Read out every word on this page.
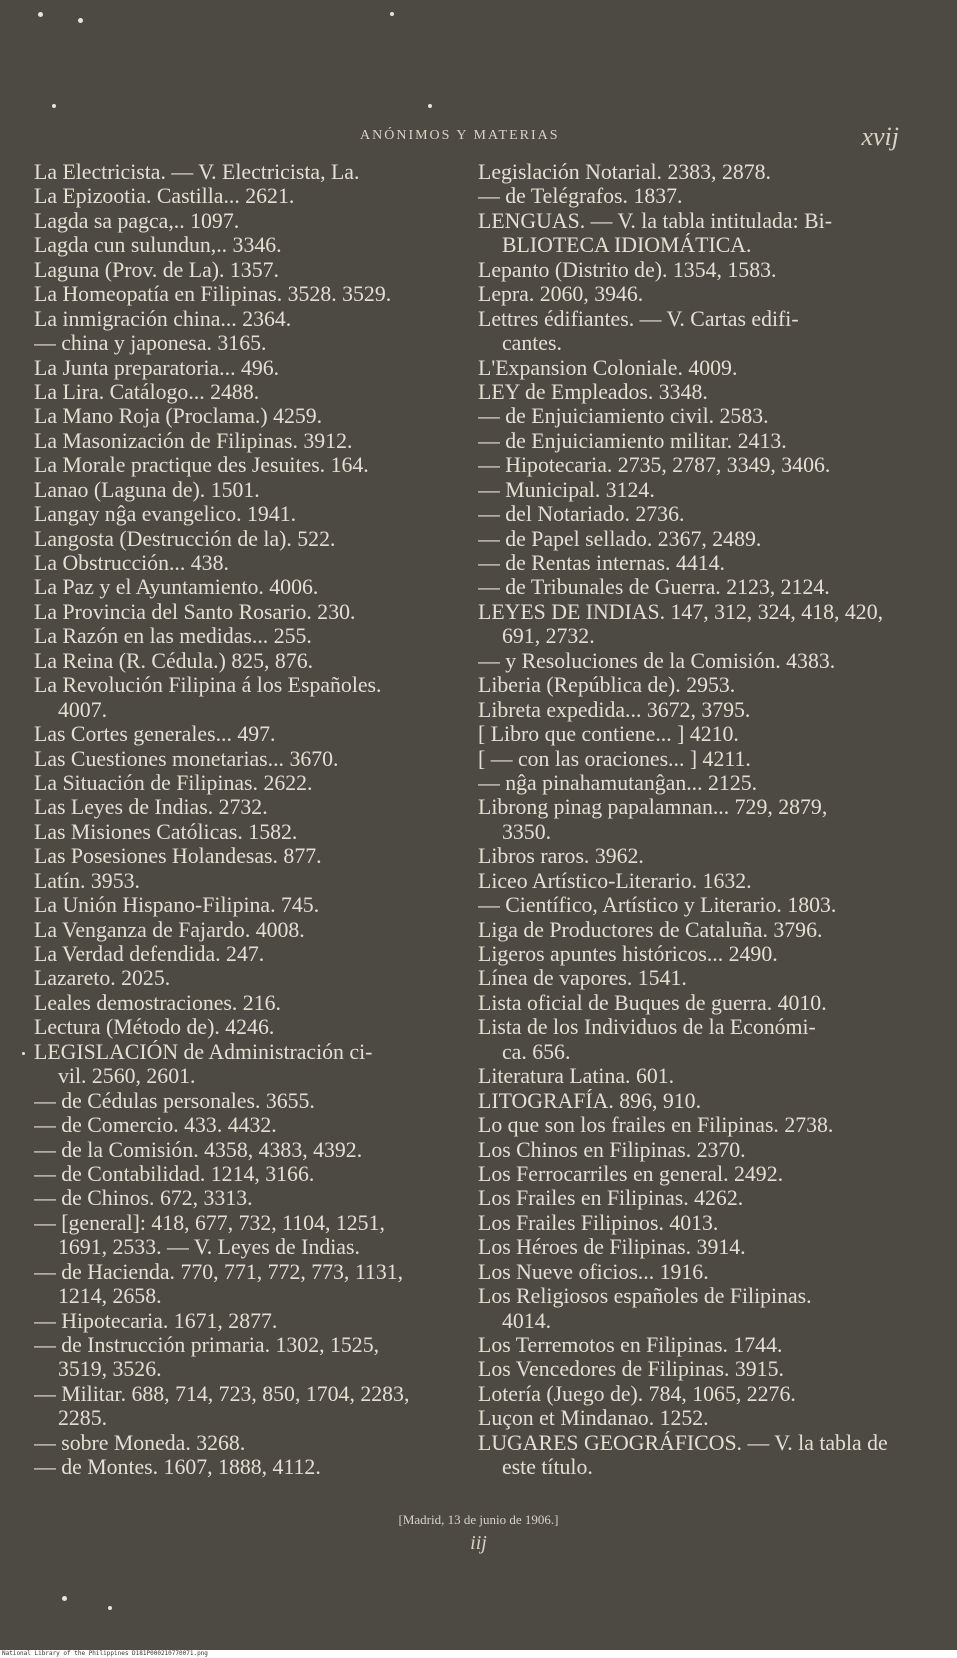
ANÓNIMOS Y MATERIAS	xvij
La Electricista. — V. Electricista, La.
La Epizootia. Castilla... 2621.
Lagda sa pagca,.. 1097.
Lagda cun sulundun,.. 3346.
Laguna (Prov. de La). 1357.
La Homeopatía en Filipinas. 3528. 3529.
La inmigración china... 2364.
— china y japonesa. 3165.
La Junta preparatoria... 496.
La Lira. Catálogo... 2488.
La Mano Roja (Proclama.) 4259.
La Masonización de Filipinas. 3912.
La Morale practique des Jesuites. 164.
Lanao (Laguna de). 1501.
Langay nĝa evangelico. 1941.
Langosta (Destrucción de la). 522.
La Obstrucción... 438.
La Paz y el Ayuntamiento. 4006.
La Provincia del Santo Rosario. 230.
La Razón en las medidas... 255.
La Reina (R. Cédula.) 825, 876.
La Revolución Filipina á los Españoles.
4007.
Las Cortes generales... 497.
Las Cuestiones monetarias... 3670.
La Situación de Filipinas. 2622.
Las Leyes de Indias. 2732.
Las Misiones Católicas. 1582.
Las Posesiones Holandesas. 877.
Latín. 3953.
La Unión Hispano-Filipina. 745.
La Venganza de Fajardo. 4008.
La Verdad defendida. 247.
Lazareto. 2025.
Leales demostraciones. 216.
Lectura (Método de). 4246.
LEGISLACIÓN de Administración ci-
vil. 2560, 2601.
— de Cédulas personales. 3655.
— de Comercio. 433. 4432.
— de la Comisión. 4358, 4383, 4392.
— de Contabilidad. 1214, 3166.
— de Chinos. 672, 3313.
— [general]: 418, 677, 732, 1104, 1251,
1691, 2533. — V. Leyes de Indias.
— de Hacienda. 770, 771, 772, 773, 1131,
1214, 2658.
— Hipotecaria. 1671, 2877.
— de Instrucción primaria. 1302, 1525,
3519, 3526.
— Militar. 688, 714, 723, 850, 1704, 2283,
2285.
— sobre Moneda. 3268.
— de Montes. 1607, 1888, 4112.
Legislación Notarial. 2383, 2878.
— de Telégrafos. 1837.
LENGUAS. — V. la tabla intitulada: Bi-
BLIOTECA IDIOMÁTICA.
Lepanto (Distrito de). 1354, 1583.
Lepra. 2060, 3946.
Lettres édifiantes. — V. Cartas edifi-
cantes.
L'Expansion Coloniale. 4009.
LEY de Empleados. 3348.
— de Enjuiciamiento civil. 2583.
— de Enjuiciamiento militar. 2413.
— Hipotecaria. 2735, 2787, 3349, 3406.
— Municipal. 3124.
— del Notariado. 2736.
— de Papel sellado. 2367, 2489.
— de Rentas internas. 4414.
— de Tribunales de Guerra. 2123, 2124.
LEYES DE INDIAS. 147, 312, 324, 418, 420,
691, 2732.
— y Resoluciones de la Comisión. 4383.
Liberia (República de). 2953.
Libreta expedida... 3672, 3795.
[ Libro que contiene... ] 4210.
[ — con las oraciones... ] 4211.
— nĝa pinahamutanĝan... 2125.
Librong pinag papalamnan... 729, 2879,
3350.
Libros raros. 3962.
Liceo Artístico-Literario. 1632.
— Científico, Artístico y Literario. 1803.
Liga de Productores de Cataluña. 3796.
Ligeros apuntes históricos... 2490.
Línea de vapores. 1541.
Lista oficial de Buques de guerra. 4010.
Lista de los Individuos de la Económi-
ca. 656.
Literatura Latina. 601.
LITOGRAFÍA. 896, 910.
Lo que son los frailes en Filipinas. 2738.
Los Chinos en Filipinas. 2370.
Los Ferrocarriles en general. 2492.
Los Frailes en Filipinas. 4262.
Los Frailes Filipinos. 4013.
Los Héroes de Filipinas. 3914.
Los Nueve oficios... 1916.
Los Religiosos españoles de Filipinas.
4014.
Los Terremotos en Filipinas. 1744.
Los Vencedores de Filipinas. 3915.
Lotería (Juego de). 784, 1065, 2276.
Luçon et Mindanao. 1252.
LUGARES GEOGRÁFICOS. — V. la tabla de
este título.
[Madrid, 13 de junio de 1906.]
iij
National Library of the Philippines D181P000210770071.png
